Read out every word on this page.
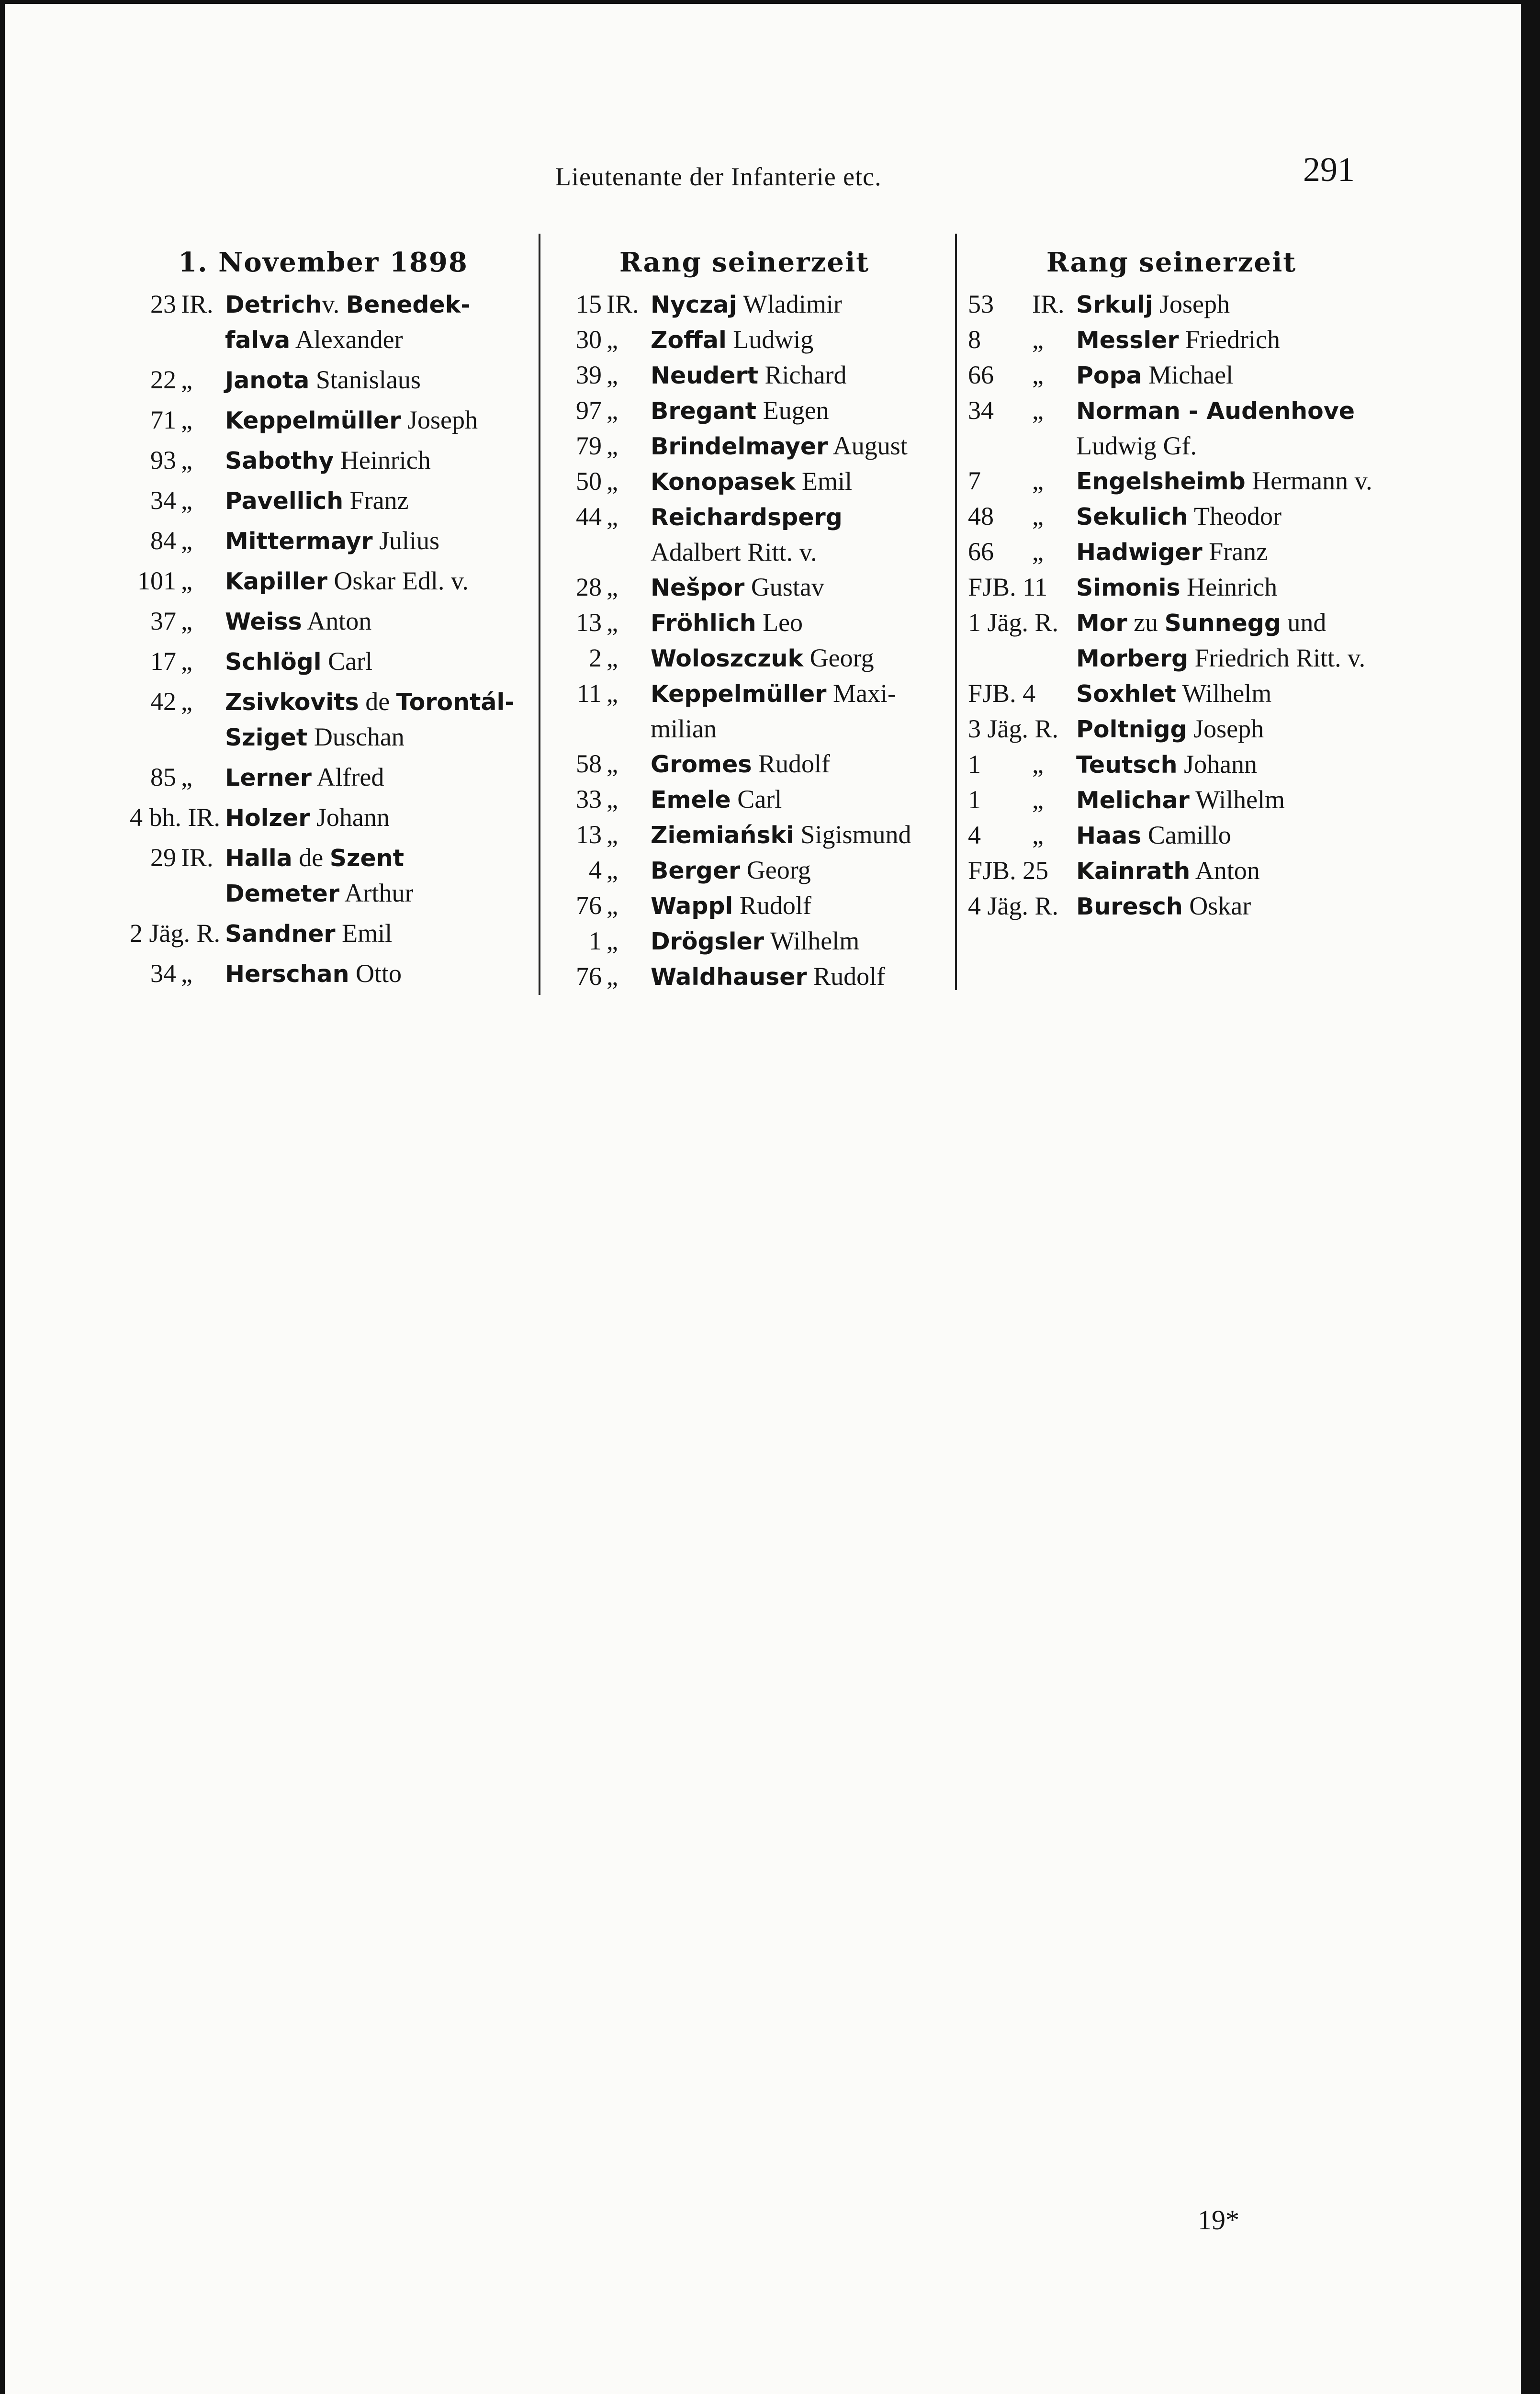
Lieutenante der Infanterie etc.	291
1. November 1898
23 IR. Detrichv. Benedek-falva Alexander
22 „	Janota Stanislaus
71 „	Keppelmüller Joseph
93 „	Sabothy Heinrich
34 „	Pavellich Franz
84 „	Mittermayr Julius
101 „	Kapiller Oskar Edl. v.
37 „	Weiss Anton
17 „	Schlögl Carl
42 „	Zsivkovits de Torontál-Sziget Duschan
85 „	Lerner Alfred
4 bh. IR. Holzer Johann
29 IR. Halla de Szent Demeter Arthur
2 Jäg. R. Sandner Emil
34 „	Herschan Otto
Rang seinerzeit
15 IR. Nyczaj Wladimir
30 „	Zoffal Ludwig
39 „	Neudert Richard
97 „	Bregant Eugen
79 „	Brindelmayer August
50 „	Konopasek Emil
44 „	Reichardsperg Adalbert Ritt. v.
28 „	Nešpor Gustav
13 „	Fröhlich Leo
2 „	Woloszczuk Georg
11 „	Keppelmüller Maxi-milian
58 „	Gromes Rudolf
33 „	Emele Carl
13 „	Ziemiański Sigismund
4 „	Berger Georg
76 „	Wappl Rudolf
1 „	Drögsler Wilhelm
76 „	Waldhauser Rudolf
Rang seinerzeit
53	IR. Srkulj Joseph
8	„	Messler Friedrich
66	„	Popa Michael
34	„	Norman - Audenhove Ludwig Gf.
7	„	Engelsheimb Hermann v.
48	„	Sekulich Theodor
66	„	Hadwiger Franz
FJB. 11	Simonis Heinrich
1 Jäg. R. Mor zu Sunnegg und Morberg Friedrich Ritt. v.
FJB. 4	Soxhlet Wilhelm
3 Jäg. R. Poltnigg Joseph
1	„	Teutsch Johann
1	„	Melichar Wilhelm
4	„	Haas Camillo
FJB. 25	Kainrath Anton
4 Jäg. R. Buresch Oskar
19*
